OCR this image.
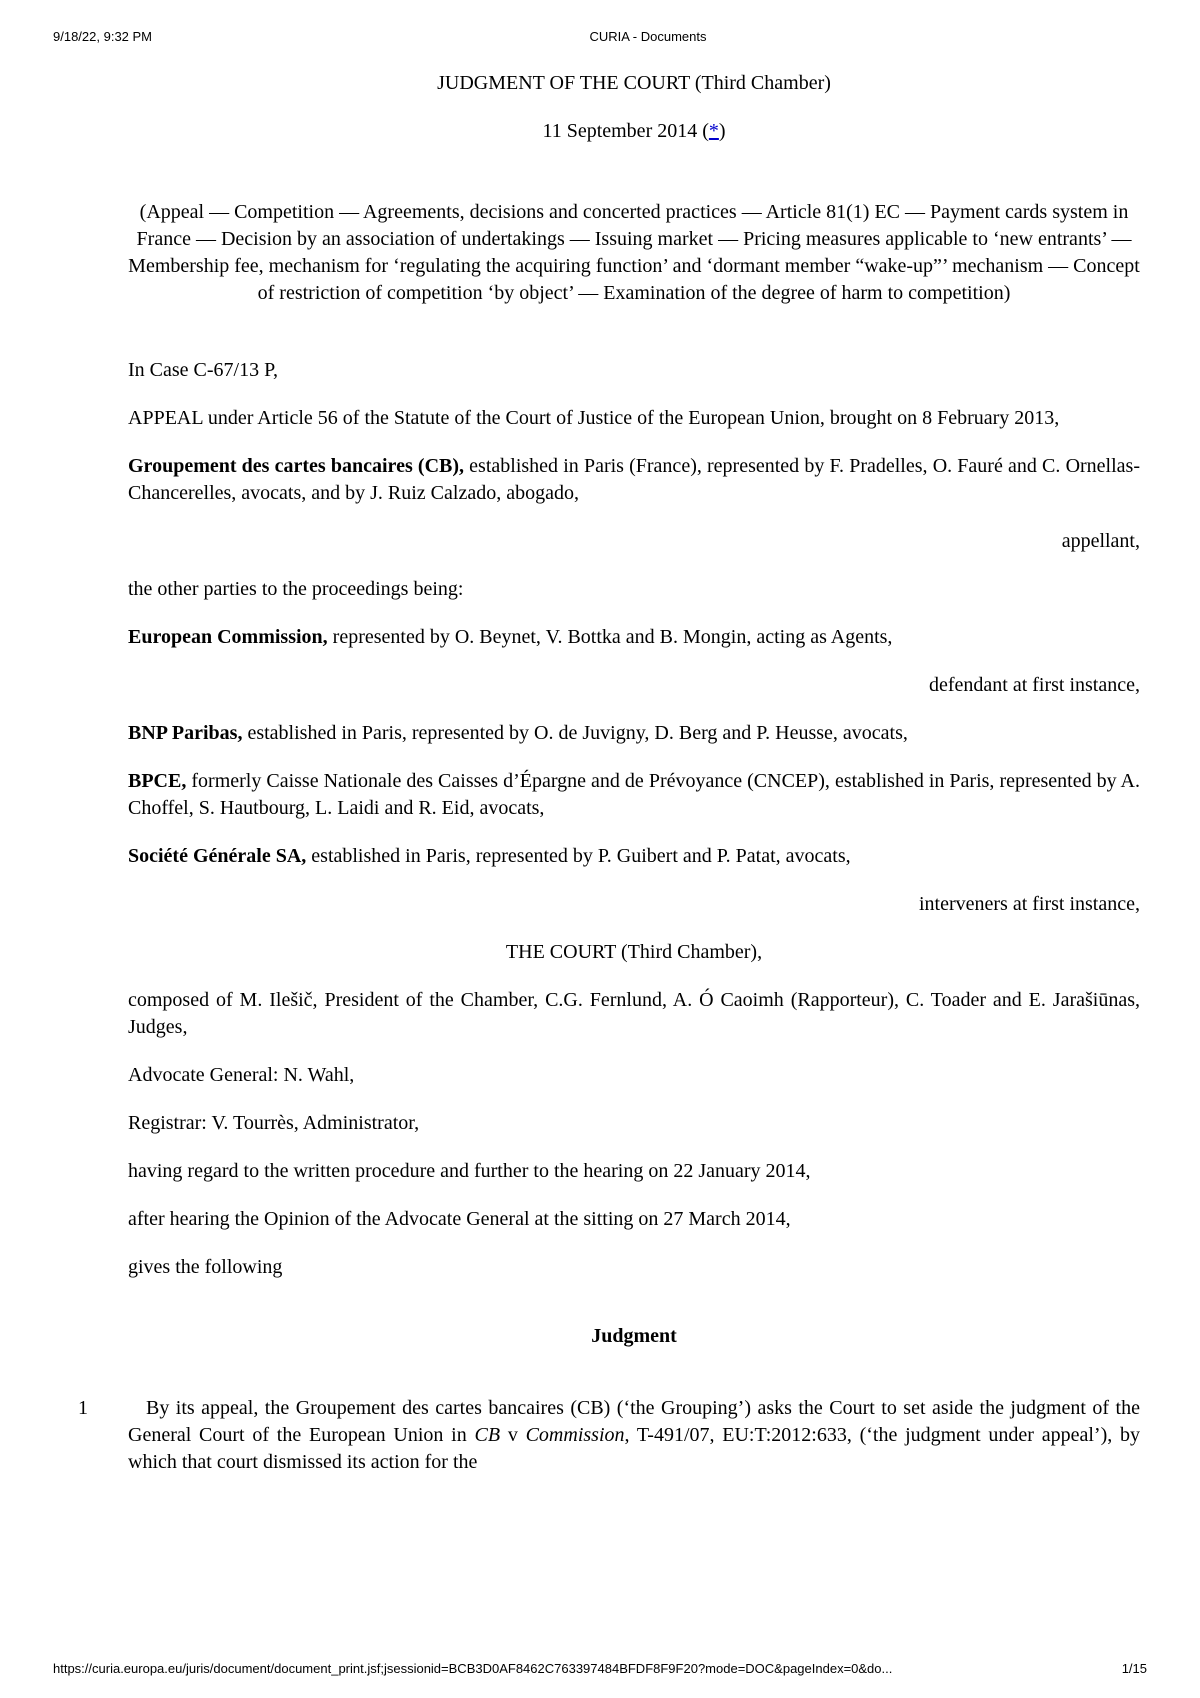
9/18/22, 9:32 PM	CURIA - Documents

JUDGMENT OF THE COURT (Third Chamber)

11 September 2014 (*)

(Appeal — Competition — Agreements, decisions and concerted practices — Article 81(1) EC — Payment cards system in France — Decision by an association of undertakings — Issuing market — Pricing measures applicable to ‘new entrants’ — Membership fee, mechanism for ‘regulating the acquiring function’ and ‘dormant member “wake-up”’ mechanism — Concept of restriction of competition ‘by object’ — Examination of the degree of harm to competition)

In Case C-67/13 P,

APPEAL under Article 56 of the Statute of the Court of Justice of the European Union, brought on 8 February 2013,

Groupement des cartes bancaires (CB), established in Paris (France), represented by F. Pradelles, O. Fauré and C. Ornellas-Chancerelles, avocats, and by J. Ruiz Calzado, abogado,

appellant,

the other parties to the proceedings being:

European Commission, represented by O. Beynet, V. Bottka and B. Mongin, acting as Agents,

defendant at first instance,

BNP Paribas, established in Paris, represented by O. de Juvigny, D. Berg and P. Heusse, avocats,

BPCE, formerly Caisse Nationale des Caisses d’Épargne and de Prévoyance (CNCEP), established in Paris, represented by A. Choffel, S. Hautbourg, L. Laidi and R. Eid, avocats,

Société Générale SA, established in Paris, represented by P. Guibert and P. Patat, avocats,

interveners at first instance,

THE COURT (Third Chamber),

composed of M. Ilešič, President of the Chamber, C.G. Fernlund, A. Ó Caoimh (Rapporteur), C. Toader and E. Jarašiūnas, Judges,

Advocate General: N. Wahl,

Registrar: V. Tourrès, Administrator,

having regard to the written procedure and further to the hearing on 22 January 2014,

after hearing the Opinion of the Advocate General at the sitting on 27 March 2014,

gives the following

Judgment

1	By its appeal, the Groupement des cartes bancaires (CB) (‘the Grouping’) asks the Court to set aside the judgment of the General Court of the European Union in CB v Commission, T-491/07, EU:T:2012:633, (‘the judgment under appeal’), by which that court dismissed its action for the

https://curia.europa.eu/juris/document/document_print.jsf;jsessionid=BCB3D0AF8462C763397484BFDF8F9F20?mode=DOC&pageIndex=0&do...	1/15
